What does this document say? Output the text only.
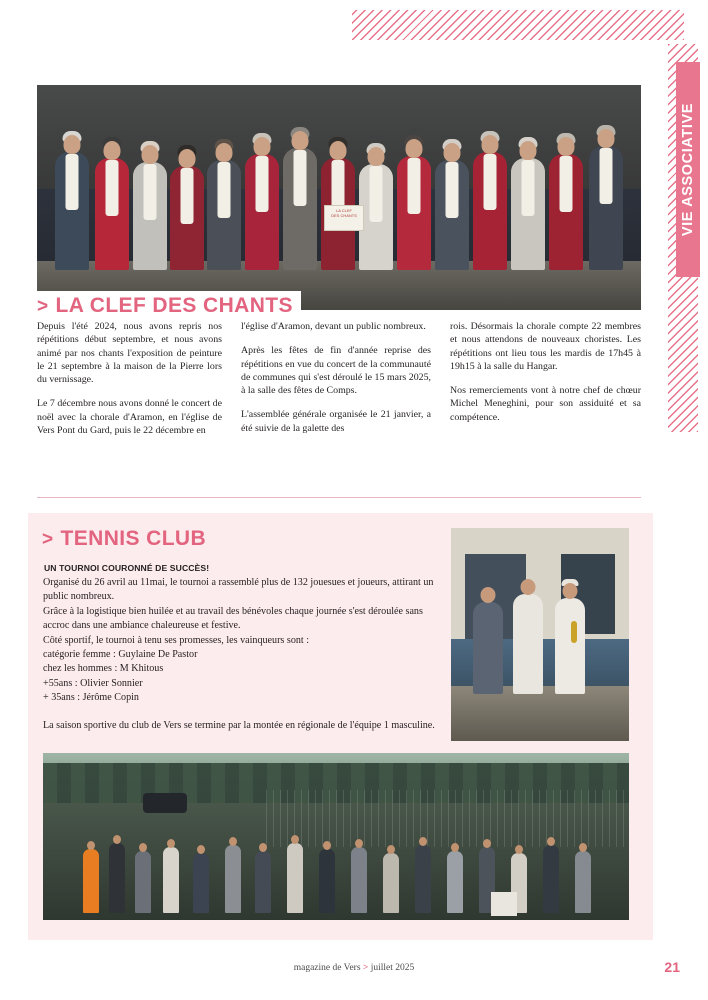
VIE ASSOCIATIVE
LA CLEF
DES CHANTS
> LA CLEF DES CHANTS

Depuis l'été 2024, nous avons repris nos répétitions début septembre, et nous avons animé par nos chants l'exposition de peinture le 21 septembre à la maison de la Pierre lors du vernissage.

Le 7 décembre nous avons donné le concert de noël avec la chorale d'Aramon, en l'église de Vers Pont du Gard, puis le 22 décembre en

l'église d'Aramon, devant un public nombreux.

Après les fêtes de fin d'année reprise des répétitions en vue du concert de la communauté de communes qui s'est déroulé le 15 mars 2025, à la salle des fêtes de Comps.

L'assemblée générale organisée le 21 janvier, a été suivie de la galette des

rois. Désormais la chorale compte 22 membres et nous attendons de nouveaux choristes. Les répétitions ont lieu tous les mardis de 17h45 à 19h15 à la salle du Hangar.

Nos remerciements vont à notre chef de chœur Michel Meneghini, pour son assiduité et sa compétence.

> TENNIS CLUB
UN TOURNOI COURONNÉ DE SUCCÈS!

Organisé du 26 avril au 11mai, le tournoi a rassemblé plus de 132 jouesues et joueurs, attirant un public nombreux.

Grâce à la logistique bien huilée et au travail des bénévoles chaque journée s'est déroulée sans accroc dans une ambiance chaleureuse et festive.

Côté sportif, le tournoi à tenu ses promesses, les vainqueurs sont :

catégorie femme : Guylaine De Pastor

chez les hommes : M Khitous

+55ans : Olivier Sonnier

+ 35ans : Jérôme Copin

La saison sportive du club de Vers se termine par la montée en régionale de l'équipe 1 masculine.

magazine de Vers > juillet 2025	21
